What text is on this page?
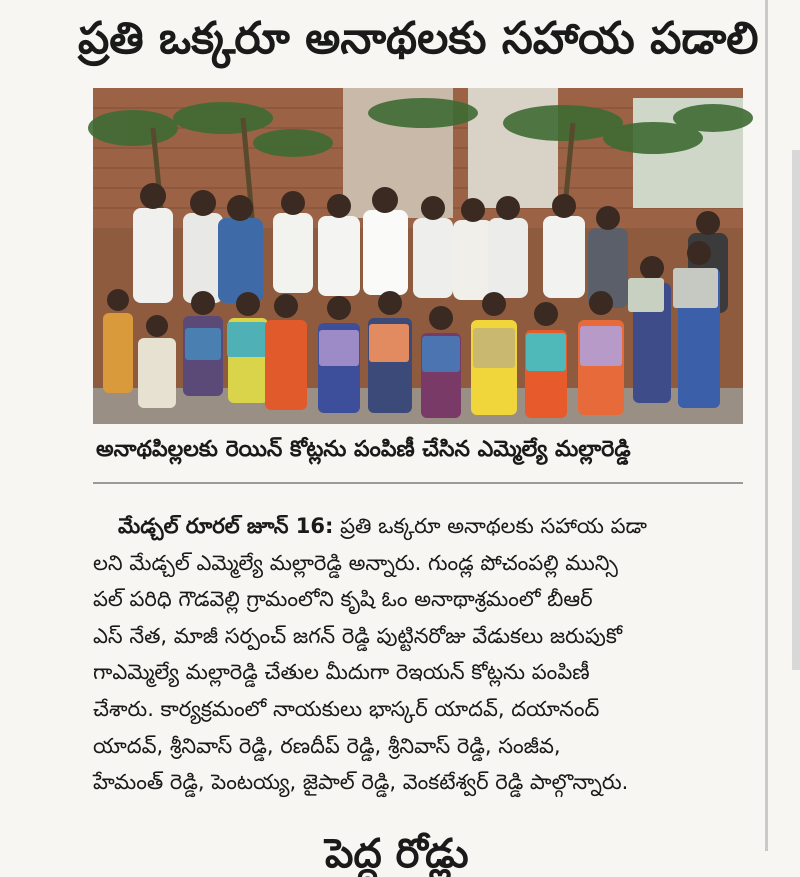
ప్రతి ఒక్కరూ అనాథలకు సహాయ పడాలి
అనాథపిల్లలకు రెయిన్ కోట్లను పంపిణీ చేసిన ఎమ్మెల్యే మల్లారెడ్డి
మేడ్చల్ రూరల్ జూన్ 16: ప్రతి ఒక్కరూ అనాథలకు సహాయ పడా
లని మేడ్చల్ ఎమ్మెల్యే మల్లారెడ్డి అన్నారు. గుండ్ల పోచంపల్లి మున్సి
పల్ పరిధి గౌడవెల్లి గ్రామంలోని కృషి ఓం అనాథాశ్రమంలో బీఆర్
ఎస్ నేత, మాజీ సర్పంచ్ జగన్ రెడ్డి పుట్టినరోజు వేడుకలు జరుపుకో
గాఎమ్మెల్యే మల్లారెడ్డి చేతుల మీదుగా రెఇయన్ కోట్లను పంపిణీ
చేశారు. కార్యక్రమంలో నాయకులు భాస్కర్ యాదవ్, దయానంద్
యాదవ్, శ్రీనివాస్ రెడ్డి, రణదీప్ రెడ్డి, శ్రీనివాస్ రెడ్డి, సంజీవ,
హేమంత్ రెడ్డి, పెంటయ్య, జైపాల్ రెడ్డి, వెంకటేశ్వర్ రెడ్డి పాల్గొన్నారు.
పెద్ద రోడ్లు
